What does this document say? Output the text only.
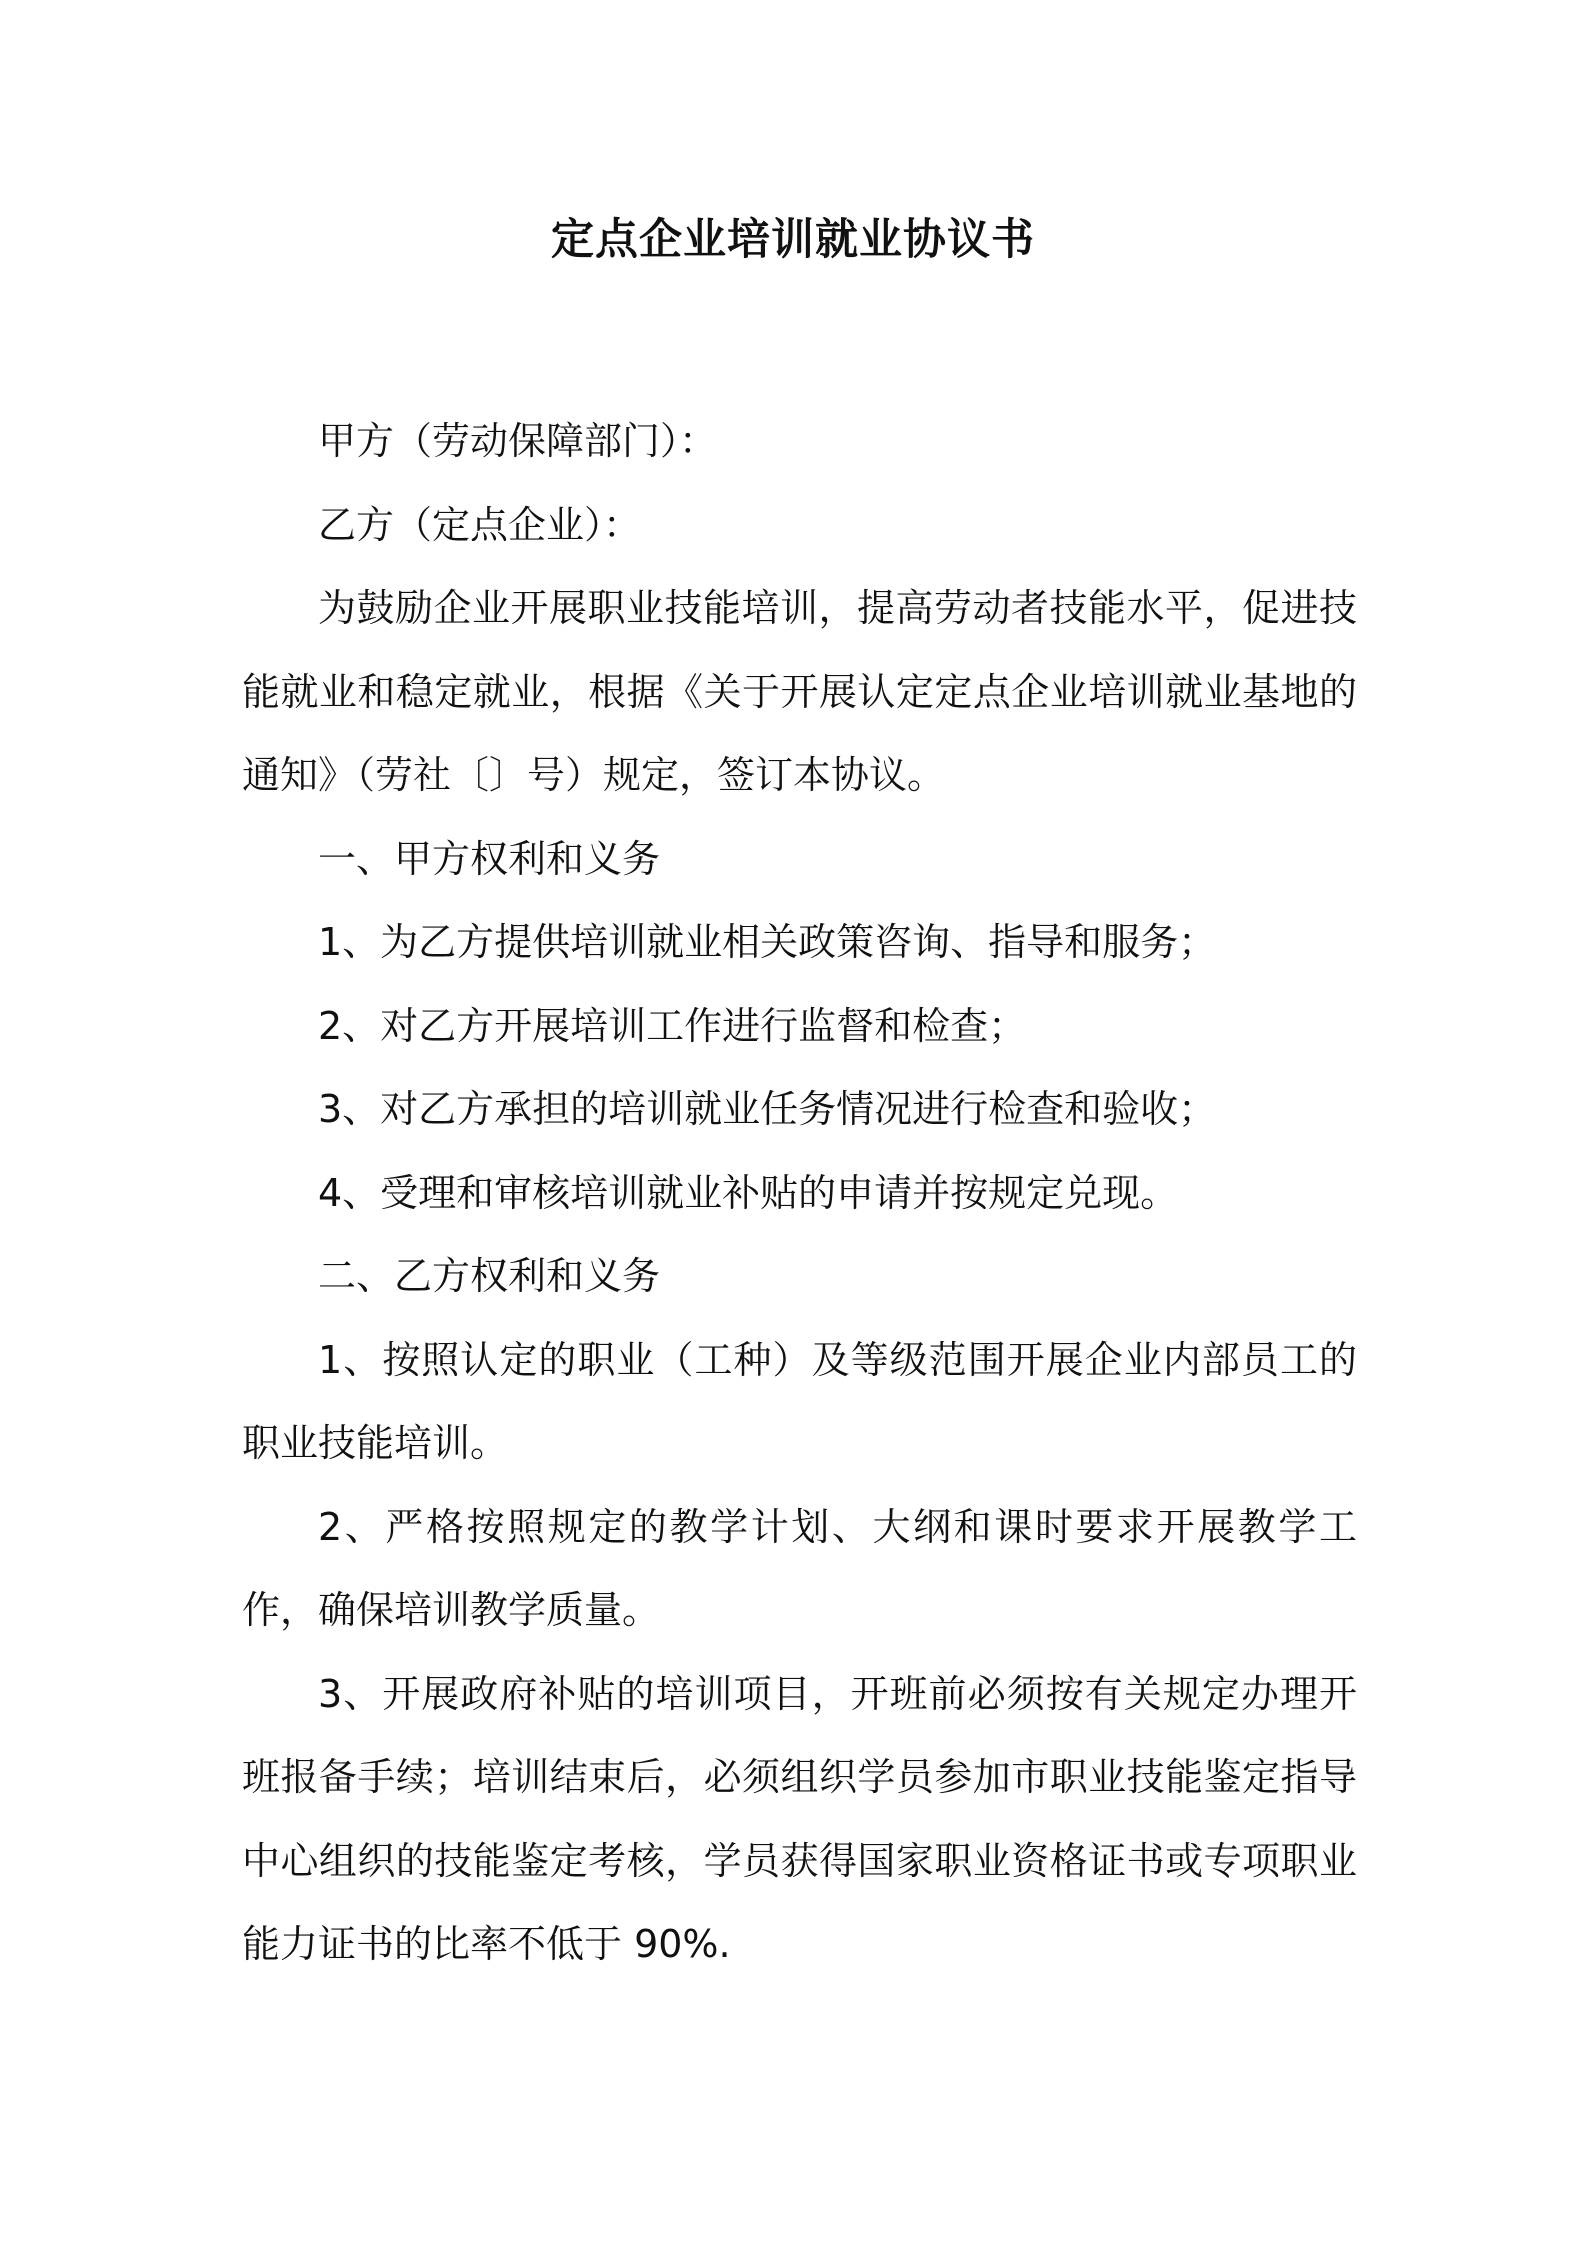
定点企业培训就业协议书

甲方（劳动保障部门）：

乙方（定点企业）：

为鼓励企业开展职业技能培训，提高劳动者技能水平，促进技能就业和稳定就业，根据《关于开展认定定点企业培训就业基地的通知》（劳社〔〕号）规定，签订本协议。

一、甲方权利和义务

1、为乙方提供培训就业相关政策咨询、指导和服务；

2、对乙方开展培训工作进行监督和检查；

3、对乙方承担的培训就业任务情况进行检查和验收；

4、受理和审核培训就业补贴的申请并按规定兑现。

二、乙方权利和义务

1、按照认定的职业（工种）及等级范围开展企业内部员工的职业技能培训。

2、严格按照规定的教学计划、大纲和课时要求开展教学工作，确保培训教学质量。

3、开展政府补贴的培训项目，开班前必须按有关规定办理开班报备手续；培训结束后，必须组织学员参加市职业技能鉴定指导中心组织的技能鉴定考核，学员获得国家职业资格证书或专项职业能力证书的比率不低于 90%.
